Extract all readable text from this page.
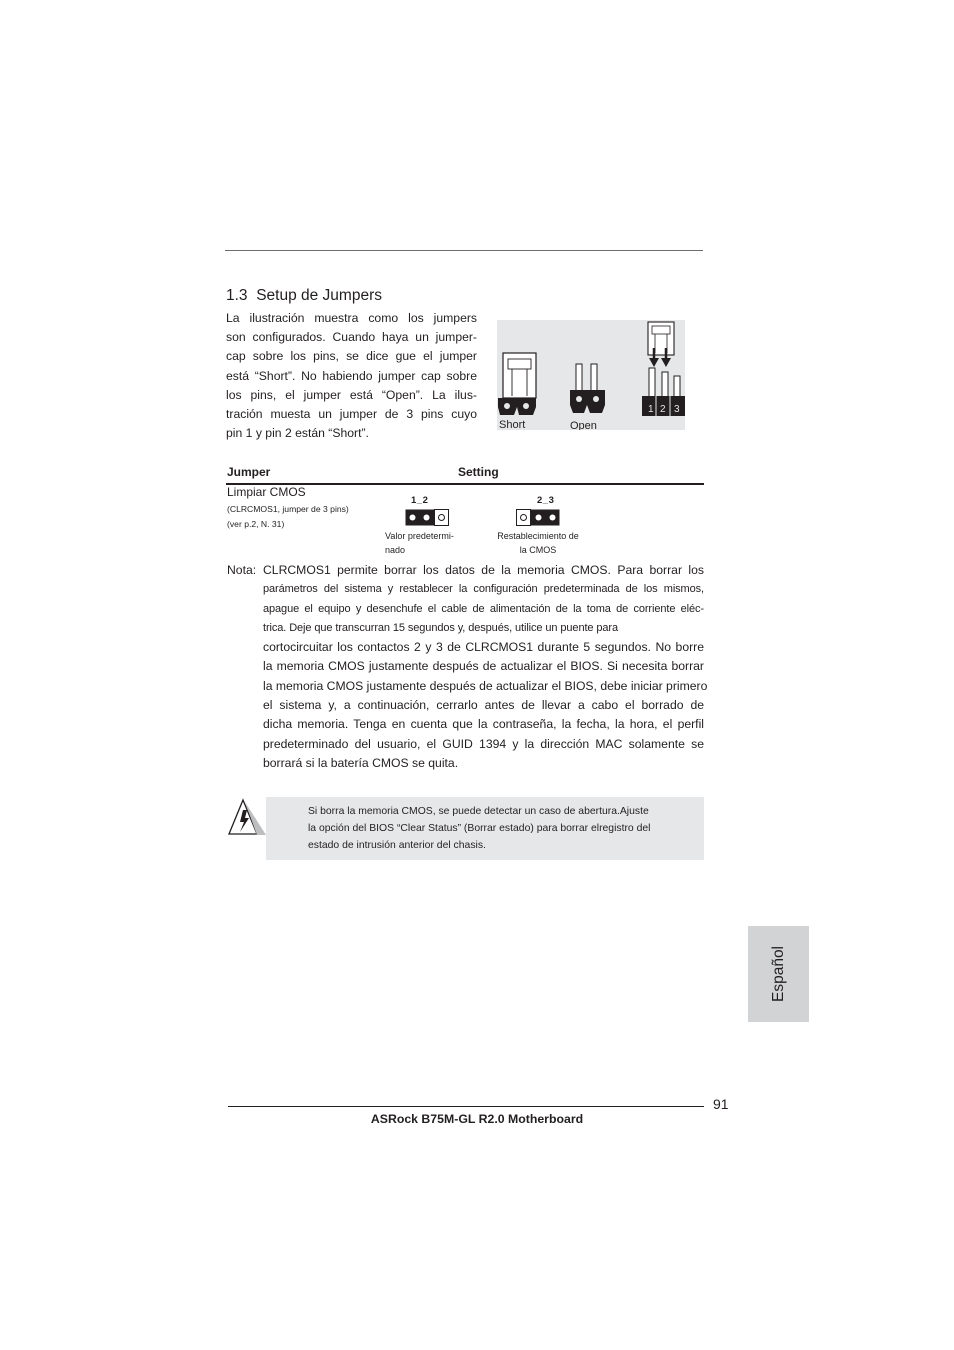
1.3 Setup de Jumpers
La ilustración muestra como los jumpers
son configurados. Cuando haya un jumper-
cap sobre los pins, se dice gue el jumper
está “Short”. No habiendo jumper cap sobre
los pins, el jumper está “Open”. La ilus-
tración muesta un jumper de 3 pins cuyo
pin 1 y pin 2 están “Short”.
1 2 3
Short	Open
Jumper	Setting
Limpiar CMOS
(CLRCMOS1, jumper de 3 pins)
(ver p.2, N. 31)
1_2
Valor predetermi-
nado
2_3
Restablecimiento de
la CMOS
Nota: CLRCMOS1 permite borrar los datos de la memoria CMOS. Para borrar los
parámetros del sistema y restablecer la configuración predeterminada de los mismos,
apague el equipo y desenchufe el cable de alimentación de la toma de corriente eléc-
trica. Deje que transcurran 15 segundos y, después, utilice un puente para
cortocircuitar los contactos 2 y 3 de CLRCMOS1 durante 5 segundos. No borre
la memoria CMOS justamente después de actualizar el BIOS. Si necesita borrar
la memoria CMOS justamente después de actualizar el BIOS, debe iniciar primero
el sistema y, a continuación, cerrarlo antes de llevar a cabo el borrado de
dicha memoria. Tenga en cuenta que la contraseña, la fecha, la hora, el perfil
predeterminado del usuario, el GUID 1394 y la dirección MAC solamente se
borrará si la batería CMOS se quita.
Si borra la memoria CMOS, se puede detectar un caso de abertura.Ajuste
la opción del BIOS “Clear Status” (Borrar estado) para borrar elregistro del
estado de intrusión anterior del chasis.
Español
91
ASRock B75M-GL R2.0 Motherboard
